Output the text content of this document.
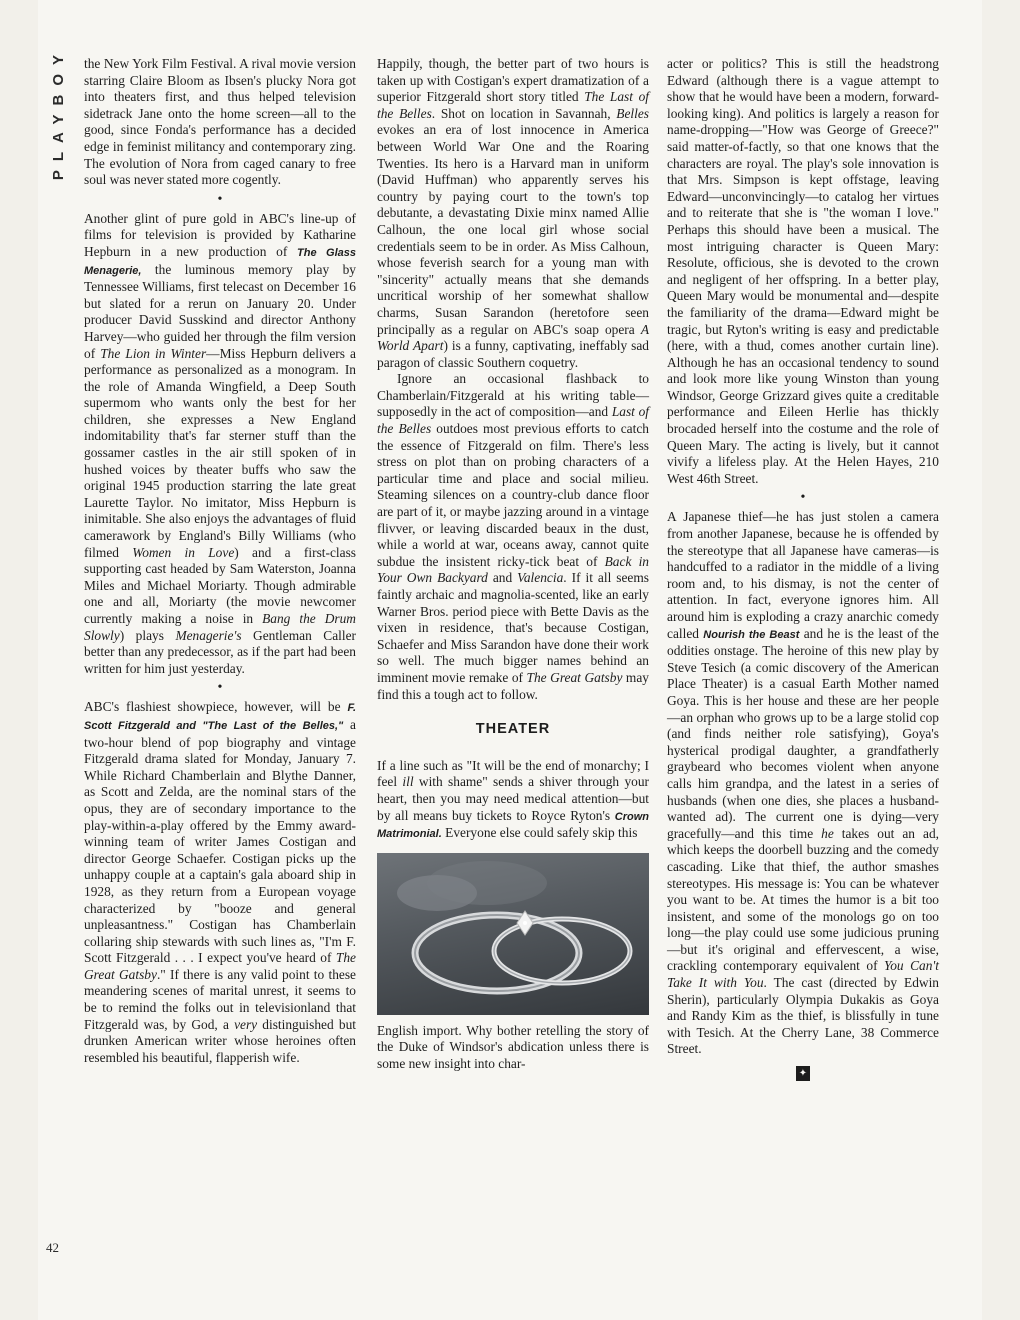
PLAYBOY
42

the New York Film Festival. A rival movie version starring Claire Bloom as Ibsen's plucky Nora got into theaters first, and thus helped television sidetrack Jane onto the home screen—all to the good, since Fonda's performance has a decided edge in feminist militancy and contemporary zing. The evolution of Nora from caged canary to free soul was never stated more cogently.

•

Another glint of pure gold in ABC's line-up of films for television is provided by Katharine Hepburn in a new production of The Glass Menagerie, the luminous memory play by Tennessee Williams, first telecast on December 16 but slated for a rerun on January 20. Under producer David Susskind and director Anthony Harvey—who guided her through the film version of The Lion in Winter—Miss Hepburn delivers a performance as personalized as a monogram. In the role of Amanda Wingfield, a Deep South supermom who wants only the best for her children, she expresses a New England indomitability that's far sterner stuff than the gossamer castles in the air still spoken of in hushed voices by theater buffs who saw the original 1945 production starring the late great Laurette Taylor. No imitator, Miss Hepburn is inimitable. She also enjoys the advantages of fluid camerawork by England's Billy Williams (who filmed Women in Love) and a first-class supporting cast headed by Sam Waterston, Joanna Miles and Michael Moriarty. Though admirable one and all, Moriarty (the movie newcomer currently making a noise in Bang the Drum Slowly) plays Menagerie's Gentleman Caller better than any predecessor, as if the part had been written for him just yesterday.

•

ABC's flashiest showpiece, however, will be F. Scott Fitzgerald and "The Last of the Belles," a two-hour blend of pop biography and vintage Fitzgerald drama slated for Monday, January 7. While Richard Chamberlain and Blythe Danner, as Scott and Zelda, are the nominal stars of the opus, they are of secondary importance to the play-within-a-play offered by the Emmy award-winning team of writer James Costigan and director George Schaefer. Costigan picks up the unhappy couple at a captain's gala aboard ship in 1928, as they return from a European voyage characterized by "booze and general unpleasantness." Costigan has Chamberlain collaring ship stewards with such lines as, "I'm F. Scott Fitzgerald . . . I expect you've heard of The Great Gatsby." If there is any valid point to these meandering scenes of marital unrest, it seems to be to remind the folks out in televisionland that Fitzgerald was, by God, a very distinguished but drunken American writer whose heroines often resembled his beautiful, flapperish wife.

Happily, though, the better part of two hours is taken up with Costigan's expert dramatization of a superior Fitzgerald short story titled The Last of the Belles. Shot on location in Savannah, Belles evokes an era of lost innocence in America between World War One and the Roaring Twenties. Its hero is a Harvard man in uniform (David Huffman) who apparently serves his country by paying court to the town's top debutante, a devastating Dixie minx named Allie Calhoun, the one local girl whose social credentials seem to be in order. As Miss Calhoun, whose feverish search for a young man with "sincerity" actually means that she demands uncritical worship of her somewhat shallow charms, Susan Sarandon (heretofore seen principally as a regular on ABC's soap opera A World Apart) is a funny, captivating, ineffably sad paragon of classic Southern coquetry.

Ignore an occasional flashback to Chamberlain/Fitzgerald at his writing table—supposedly in the act of composition—and Last of the Belles outdoes most previous efforts to catch the essence of Fitzgerald on film. There's less stress on plot than on probing characters of a particular time and place and social milieu. Steaming silences on a country-club dance floor are part of it, or maybe jazzing around in a vintage flivver, or leaving discarded beaux in the dust, while a world at war, oceans away, cannot quite subdue the insistent ricky-tick beat of Back in Your Own Backyard and Valencia. If it all seems faintly archaic and magnolia-scented, like an early Warner Bros. period piece with Bette Davis as the vixen in residence, that's because Costigan, Schaefer and Miss Sarandon have done their work so well. The much bigger names behind an imminent movie remake of The Great Gatsby may find this a tough act to follow.

THEATER

If a line such as "It will be the end of monarchy; I feel ill with shame" sends a shiver through your heart, then you may need medical attention—but by all means buy tickets to Royce Ryton's Crown Matrimonial. Everyone else could safely skip this

English import. Why bother retelling the story of the Duke of Windsor's abdication unless there is some new insight into char-

acter or politics? This is still the headstrong Edward (although there is a vague attempt to show that he would have been a modern, forward-looking king). And politics is largely a reason for name-dropping—"How was George of Greece?" said matter-of-factly, so that one knows that the characters are royal. The play's sole innovation is that Mrs. Simpson is kept offstage, leaving Edward—unconvincingly—to catalog her virtues and to reiterate that she is "the woman I love." Perhaps this should have been a musical. The most intriguing character is Queen Mary: Resolute, officious, she is devoted to the crown and negligent of her offspring. In a better play, Queen Mary would be monumental and—despite the familiarity of the drama—Edward might be tragic, but Ryton's writing is easy and predictable (here, with a thud, comes another curtain line). Although he has an occasional tendency to sound and look more like young Winston than young Windsor, George Grizzard gives quite a creditable performance and Eileen Herlie has thickly brocaded herself into the costume and the role of Queen Mary. The acting is lively, but it cannot vivify a lifeless play. At the Helen Hayes, 210 West 46th Street.

•

A Japanese thief—he has just stolen a camera from another Japanese, because he is offended by the stereotype that all Japanese have cameras—is handcuffed to a radiator in the middle of a living room and, to his dismay, is not the center of attention. In fact, everyone ignores him. All around him is exploding a crazy anarchic comedy called Nourish the Beast and he is the least of the oddities onstage. The heroine of this new play by Steve Tesich (a comic discovery of the American Place Theater) is a casual Earth Mother named Goya. This is her house and these are her people—an orphan who grows up to be a large stolid cop (and finds neither role satisfying), Goya's hysterical prodigal daughter, a grandfatherly graybeard who becomes violent when anyone calls him grandpa, and the latest in a series of husbands (when one dies, she places a husband-wanted ad). The current one is dying—very gracefully—and this time he takes out an ad, which keeps the doorbell buzzing and the comedy cascading. Like that thief, the author smashes stereotypes. His message is: You can be whatever you want to be. At times the humor is a bit too insistent, and some of the monologs go on too long—the play could use some judicious pruning—but it's original and effervescent, a wise, crackling contemporary equivalent of You Can't Take It with You. The cast (directed by Edwin Sherin), particularly Olympia Dukakis as Goya and Randy Kim as the thief, is blissfully in tune with Tesich. At the Cherry Lane, 38 Commerce Street.

✦
